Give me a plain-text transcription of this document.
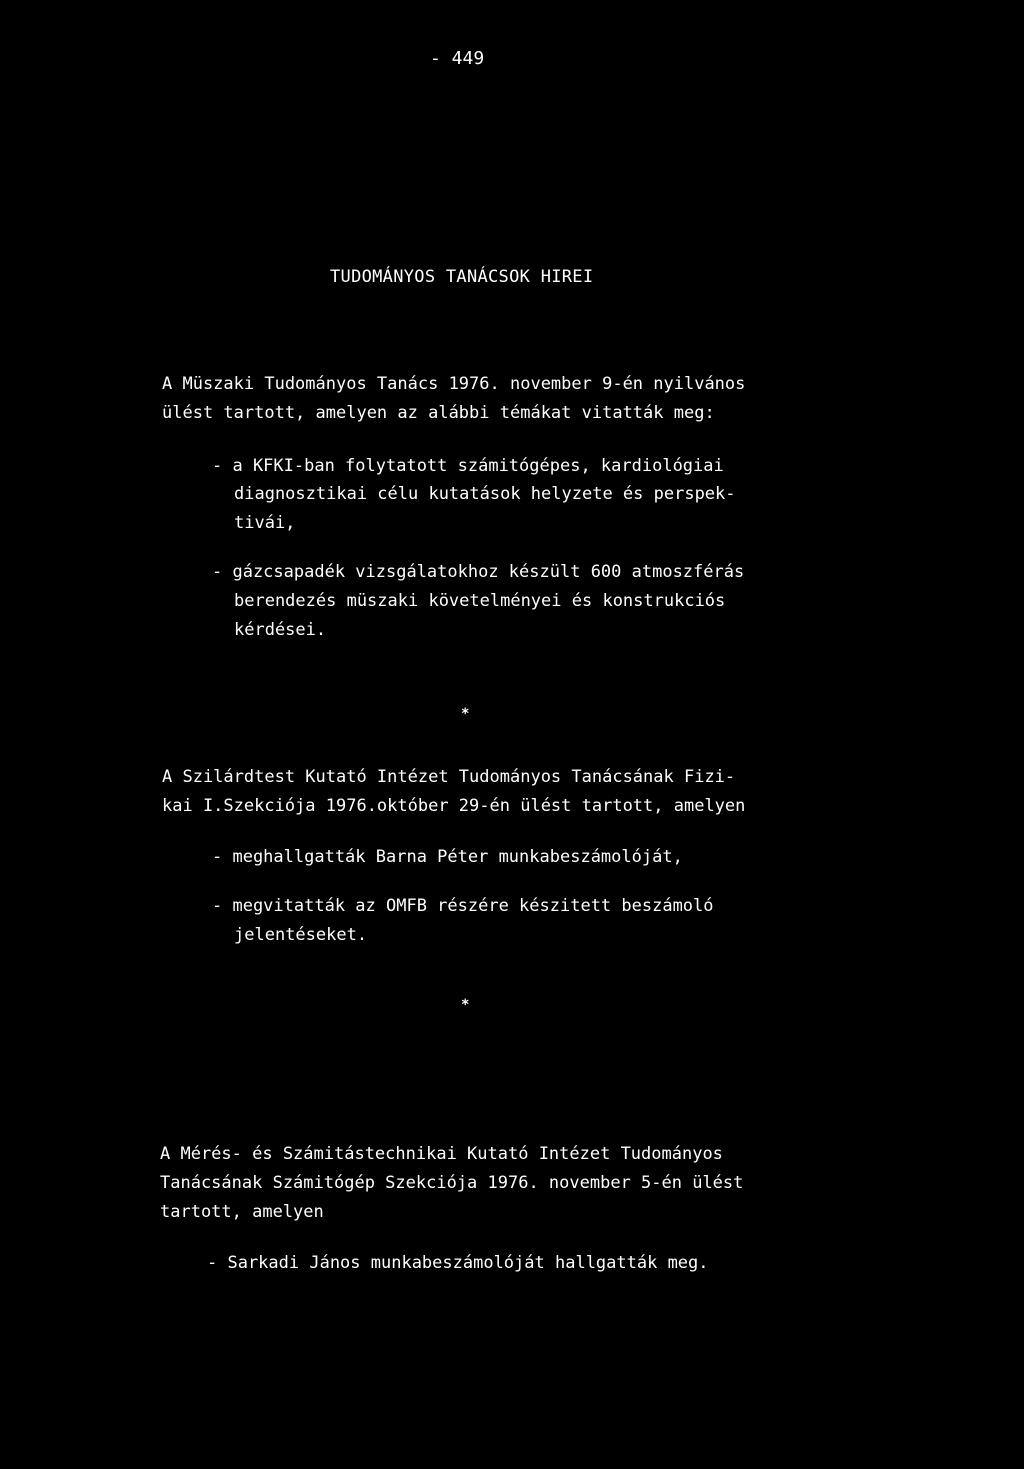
- 449
TUDOMÁNYOS TANÁCSOK HIREI
A Müszaki Tudományos Tanács 1976. november 9-én nyilvános
ülést tartott, amelyen az alábbi témákat vitatták meg:
- a KFKI-ban folytatott számitógépes, kardiológiai
diagnosztikai célu kutatások helyzete és perspek-
tivái,
- gázcsapadék vizsgálatokhoz készült 600 atmoszférás
berendezés müszaki követelményei és konstrukciós
kérdései.
*
A Szilárdtest Kutató Intézet Tudományos Tanácsának Fizi-
kai I.Szekciója 1976.október 29-én ülést tartott, amelyen
- meghallgatták Barna Péter munkabeszámolóját,
- megvitatták az OMFB részére készitett beszámoló
jelentéseket.
*
A Mérés- és Számitástechnikai Kutató Intézet Tudományos
Tanácsának Számitógép Szekciója 1976. november 5-én ülést
tartott, amelyen
- Sarkadi János munkabeszámolóját hallgatták meg.
